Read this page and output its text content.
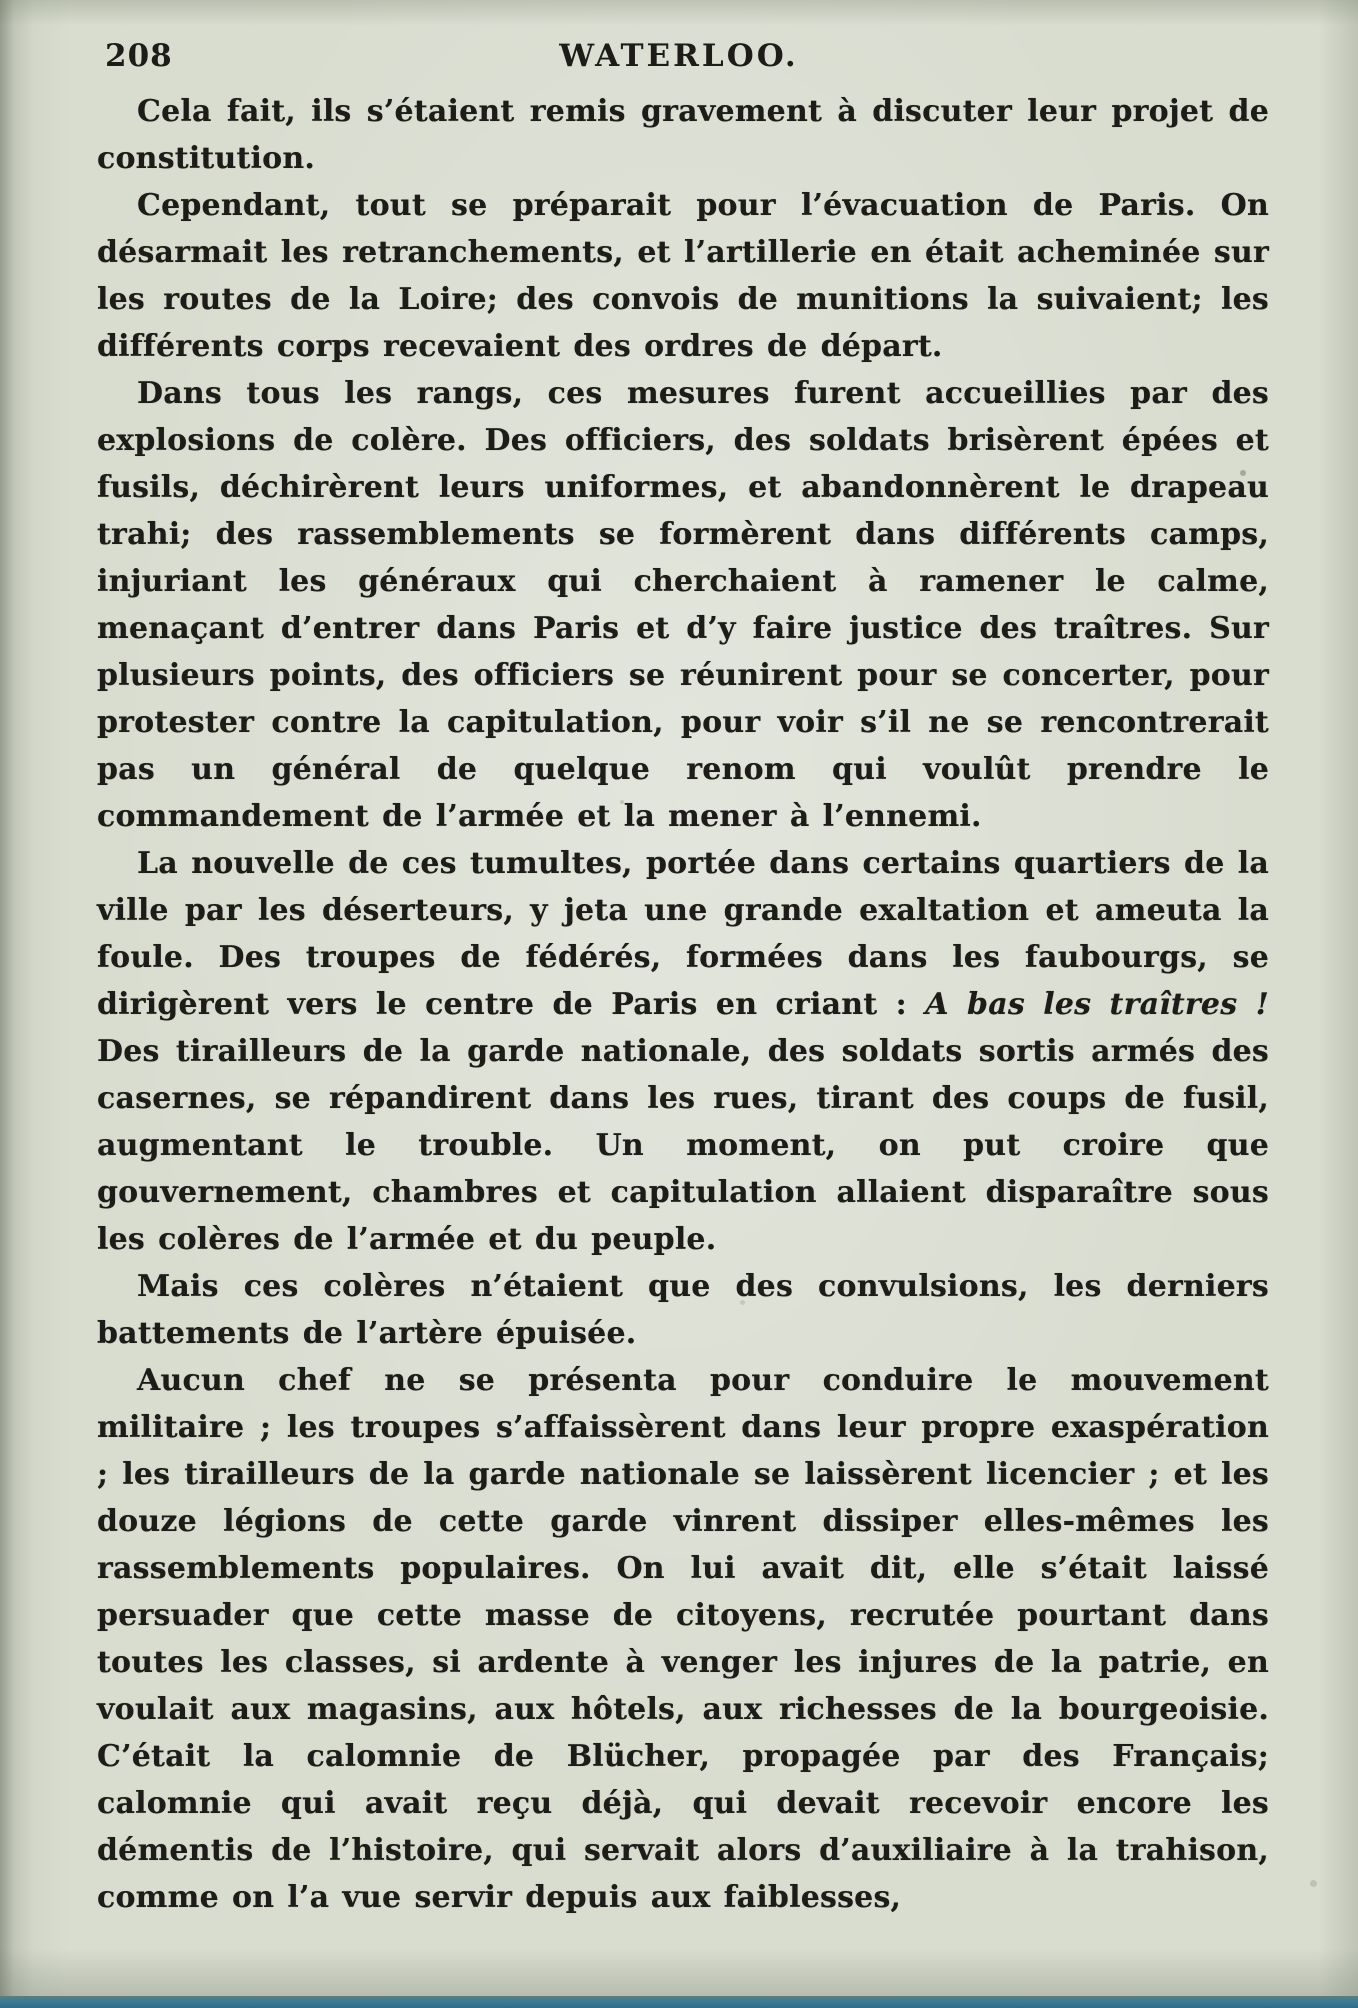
208	WATERLOO.

Cela fait, ils s’étaient remis gravement à discuter leur projet de constitution.

Cependant, tout se préparait pour l’évacuation de Paris. On désarmait les retranchements, et l’artillerie en était acheminée sur les routes de la Loire; des convois de munitions la suivaient; les différents corps recevaient des ordres de départ.

Dans tous les rangs, ces mesures furent accueillies par des explosions de colère. Des officiers, des soldats brisèrent épées et fusils, déchirèrent leurs uniformes, et abandonnèrent le drapeau trahi; des rassemblements se formèrent dans différents camps, injuriant les généraux qui cherchaient à ramener le calme, menaçant d’entrer dans Paris et d’y faire justice des traîtres. Sur plusieurs points, des officiers se réunirent pour se concerter, pour protester contre la capitulation, pour voir s’il ne se rencontrerait pas un général de quelque renom qui voulût prendre le commandement de l’armée et la mener à l’ennemi.

La nouvelle de ces tumultes, portée dans certains quartiers de la ville par les déserteurs, y jeta une grande exaltation et ameuta la foule. Des troupes de fédérés, formées dans les faubourgs, se dirigèrent vers le centre de Paris en criant : A bas les traîtres ! Des tirailleurs de la garde nationale, des soldats sortis armés des casernes, se répandirent dans les rues, tirant des coups de fusil, augmentant le trouble. Un moment, on put croire que gouvernement, chambres et capitulation allaient disparaître sous les colères de l’armée et du peuple.

Mais ces colères n’étaient que des convulsions, les derniers battements de l’artère épuisée.

Aucun chef ne se présenta pour conduire le mouvement militaire ; les troupes s’affaissèrent dans leur propre exaspération ; les tirailleurs de la garde nationale se laissèrent licencier ; et les douze légions de cette garde vinrent dissiper elles-mêmes les rassemblements populaires. On lui avait dit, elle s’était laissé persuader que cette masse de citoyens, recrutée pourtant dans toutes les classes, si ardente à venger les injures de la patrie, en voulait aux magasins, aux hôtels, aux richesses de la bourgeoisie. C’était la calomnie de Blücher, propagée par des Français; calomnie qui avait reçu déjà, qui devait recevoir encore les démentis de l’histoire, qui servait alors d’auxiliaire à la trahison, comme on l’a vue servir depuis aux faiblesses,
